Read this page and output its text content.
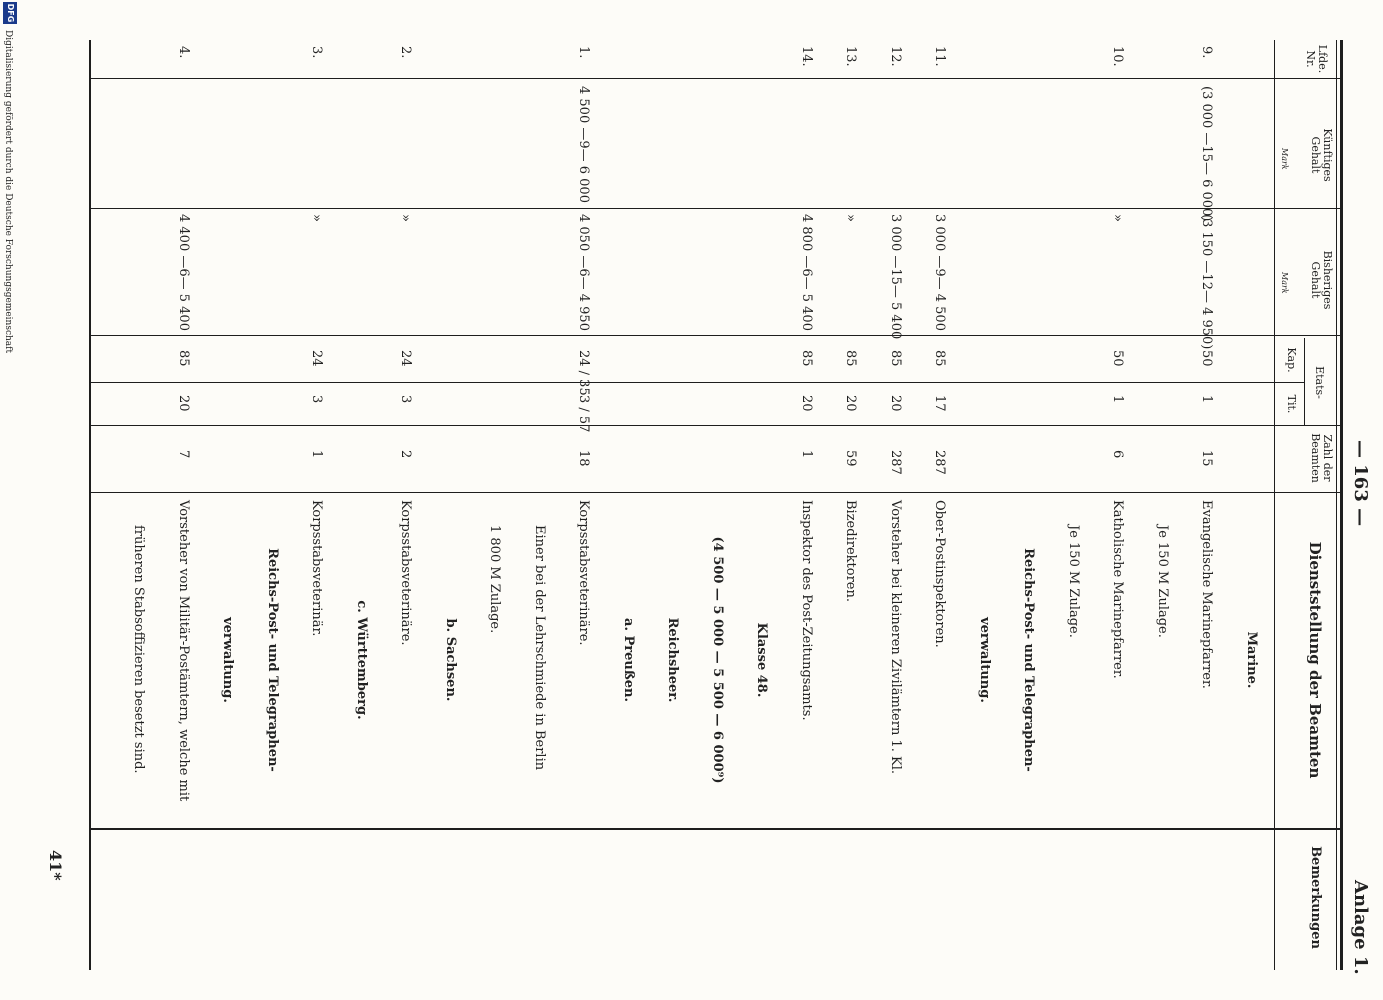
— 163 —
Anlage 1.
Lfde. Nr.
Künftiges Gehalt
Mark
Bisheriges Gehalt
Mark
Etats-
Kap.
Tit.
Zahl der Beamten
Dienststellung der Beamten
Bemerkungen
Marine.
9.
(3 000 —15— 6 000)
(3 150 —12— 4 950)
50
1
15
Evangelische Marinepfarrer.
Je 150 M Zulage.
10.
»
50
1
6
Katholische Marinepfarrer.
Je 150 M Zulage.
Reichs-Post- und Telegraphen-
verwaltung.
11.
3 000 —9— 4 500
85
17
287
Ober-Postinspektoren.
12.
3 000 —15— 5 400
85
20
287
Vorsteher bei kleineren Zivilämtern 1. Kl.
13.
»
85
20
59
Bizedirektoren.
14.
4 800 —6— 5 400
85
20
1
Inspektor des Post-Zeitungsamts.
Klasse 48.
(4 500 — 5 000 — 5 500 — 6 000⁹)
Reichsheer.
a. Preußen.
1.
4 500 —9— 6 000
4 050 —6— 4 950
24 / 35
3 / 57
18
Korpsstabsveterinäre.
Einer bei der Lehrschmiede in Berlin
1 800 M Zulage.
b. Sachsen.
2.
»
24
3
2
Korpsstabsveterinäre.
c. Württemberg.
3.
»
24
3
1
Korpsstabsveterinär.
Reichs-Post- und Telegraphen-
verwaltung.
4.
4 400 —6— 5 400
85
20
7
Vorsteher von Militär-Postämtern, welche mit
früheren Stabsoffizieren besetzt sind.
41*
Digitalisierung gefördert durch die Deutsche Forschungsgemeinschaft
DFG
